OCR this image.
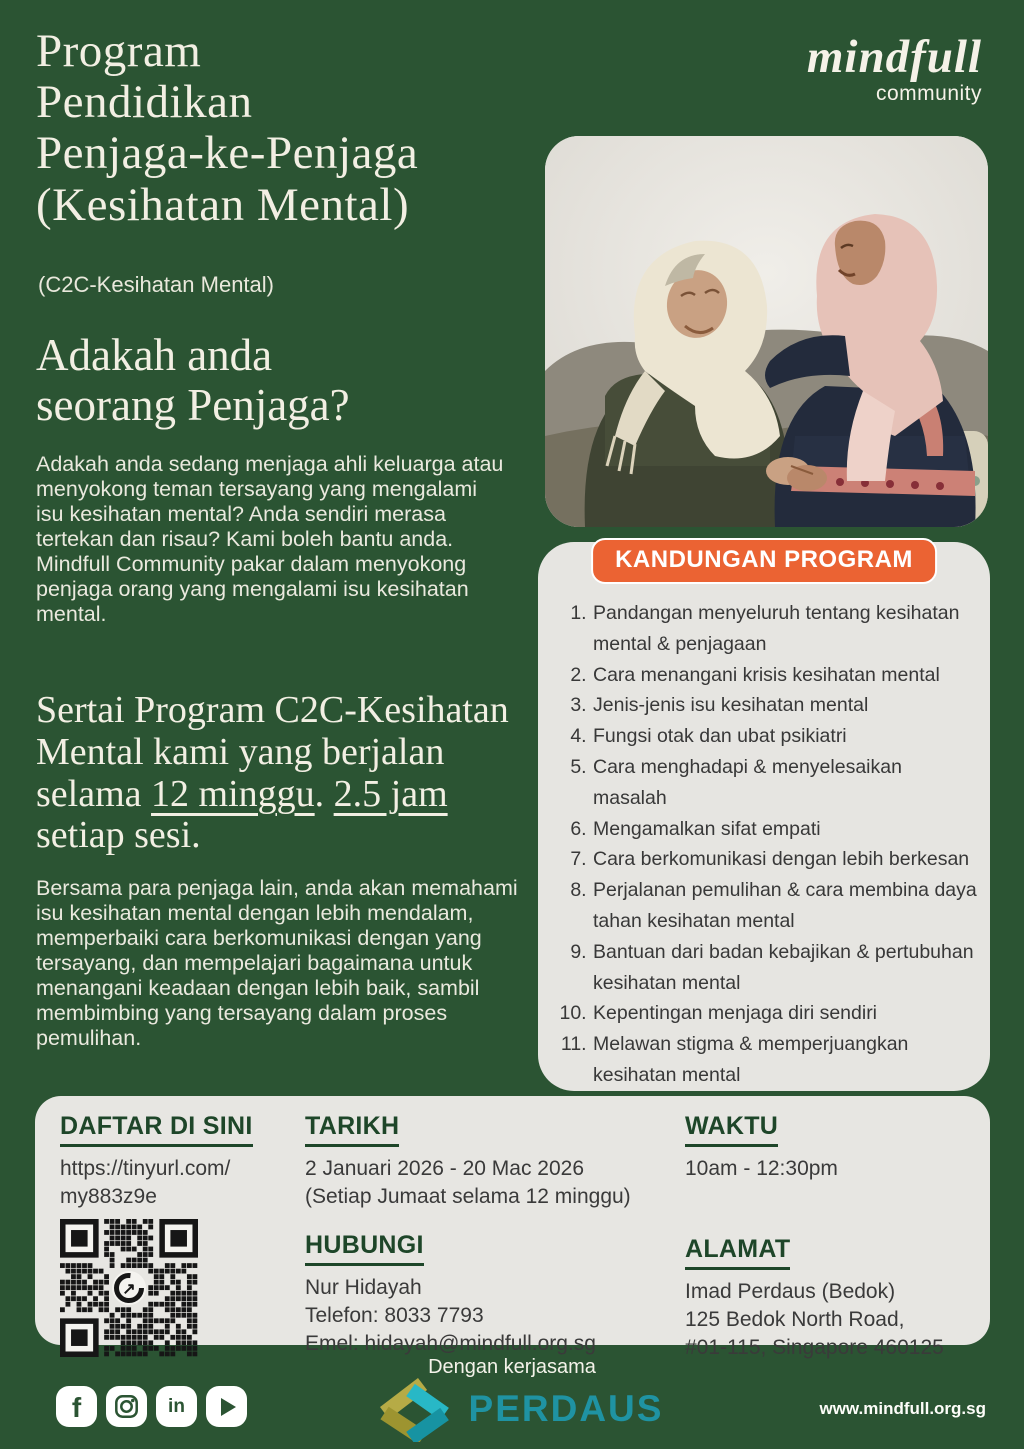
mindfull
community
Program
Pendidikan
Penjaga-ke-Penjaga
(Kesihatan Mental)
(C2C-Kesihatan Mental)
Adakah anda
seorang Penjaga?
Adakah anda sedang menjaga ahli keluarga atau menyokong teman tersayang yang mengalami isu kesihatan mental? Anda sendiri merasa tertekan dan risau? Kami boleh bantu anda. Mindfull Community pakar dalam menyokong penjaga orang yang mengalami isu kesihatan mental.
Sertai Program C2C-Kesihatan Mental kami yang berjalan selama 12 minggu. 2.5 jam setiap sesi.
Bersama para penjaga lain, anda akan memahami isu kesihatan mental dengan lebih mendalam, memperbaiki cara berkomunikasi dengan yang tersayang, dan mempelajari bagaimana untuk menangani keadaan dengan lebih baik, sambil membimbing yang tersayang dalam proses pemulihan.
KANDUNGAN PROGRAM
1. Pandangan menyeluruh tentang kesihatan mental & penjagaan
2. Cara menangani krisis kesihatan mental
3. Jenis-jenis isu kesihatan mental
4. Fungsi otak dan ubat psikiatri
5. Cara menghadapi & menyelesaikan masalah
6. Mengamalkan sifat empati
7. Cara berkomunikasi dengan lebih berkesan
8. Perjalanan pemulihan & cara membina daya tahan kesihatan mental
9. Bantuan dari badan kebajikan & pertubuhan kesihatan mental
10. Kepentingan menjaga diri sendiri
11. Melawan stigma & memperjuangkan kesihatan mental
12.
DAFTAR DI SINI
https://tinyurl.com/
my883z9e
↗
TARIKH
2 Januari 2026 - 20 Mac 2026
(Setiap Jumaat selama 12 minggu)
HUBUNGI
Nur Hidayah
Telefon: 8033 7793
Emel: hidayah@mindfull.org.sg
WAKTU
10am - 12:30pm
ALAMAT
Imad Perdaus (Bedok)
125 Bedok North Road,
#01-115, Singapore 460125
Dengan kerjasama
PERDAUS
f	in	www.mindfull.org.sg
